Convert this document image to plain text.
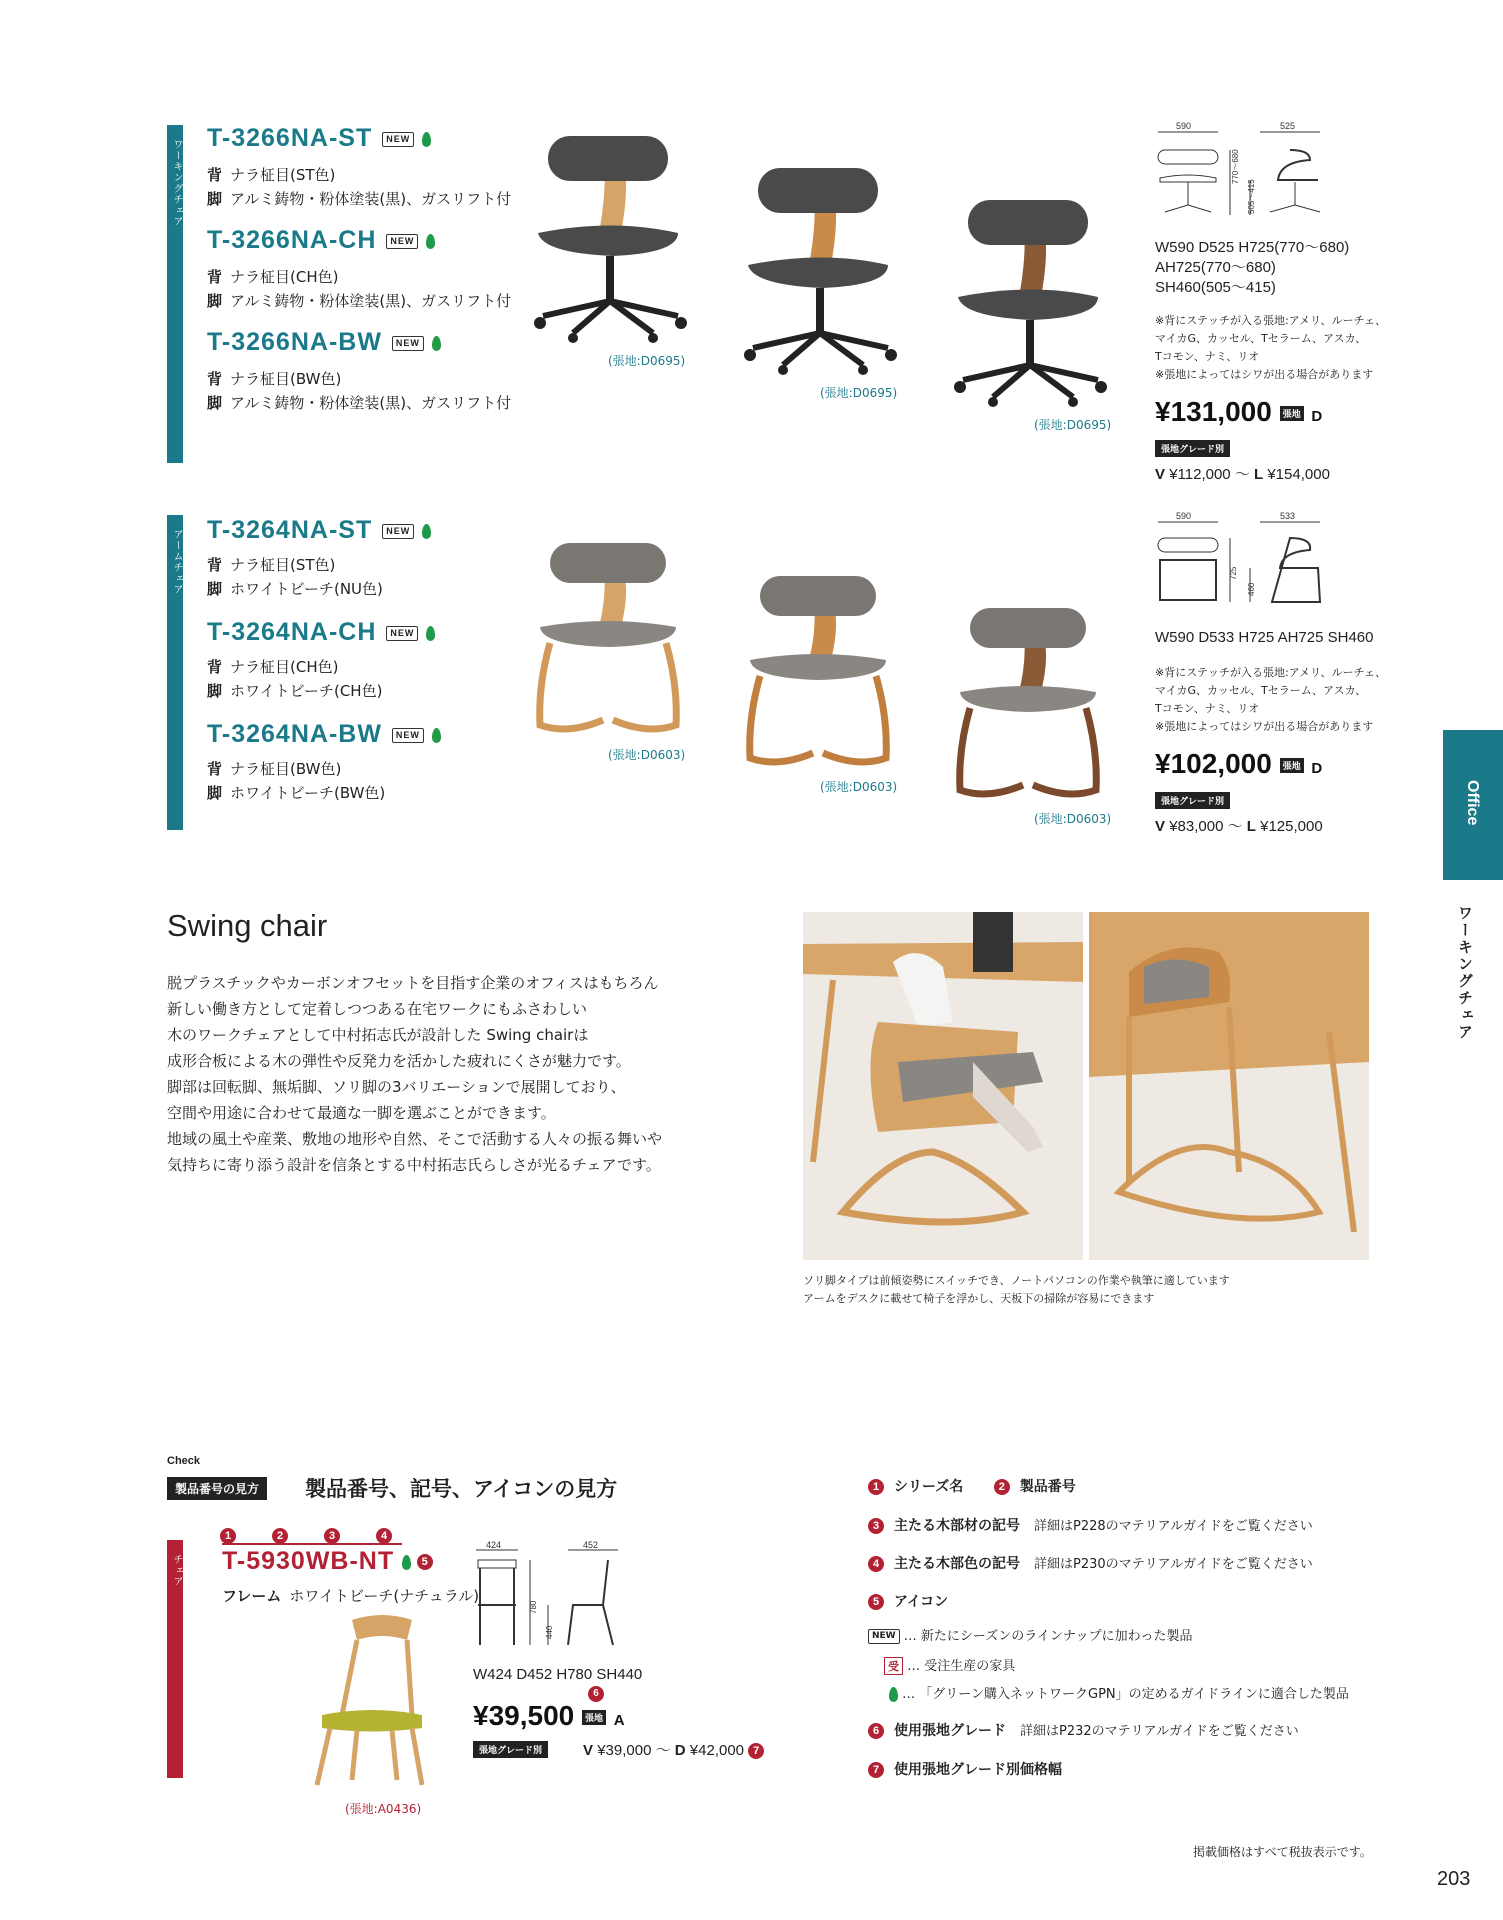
ワーキングチェア
T-3266NA-ST NEW
背 ナラ柾目(ST色)
脚 アルミ鋳物・粉体塗装(黒)、ガスリフト付
T-3266NA-CH NEW
背 ナラ柾目(CH色)
脚 アルミ鋳物・粉体塗装(黒)、ガスリフト付
T-3266NA-BW NEW
背 ナラ柾目(BW色)
脚 アルミ鋳物・粉体塗装(黒)、ガスリフト付
(張地:D0695)
(張地:D0695)
(張地:D0695)
590
770〜680
505〜415
525
W590 D525 H725(770〜680)
AH725(770〜680)
SH460(505〜415)
※背にステッチが入る張地:アメリ、ルーチェ、
マイカG、カッセル、Tセラーム、アスカ、
Tコモン、ナミ、リオ
※張地によってはシワが出る場合があります
¥131,000 張地 D
張地グレード別
V ¥112,000 〜 L ¥154,000
アームチェア T-3264NA-ST NEW
背 ナラ柾目(ST色)
脚 ホワイトビーチ(NU色)
T-3264NA-CH NEW
背 ナラ柾目(CH色)
脚 ホワイトビーチ(CH色)
T-3264NA-BW NEW
背 ナラ柾目(BW色)
脚 ホワイトビーチ(BW色)
(張地:D0603)
(張地:D0603)
(張地:D0603)
590
725
460
533
W590 D533 H725 AH725 SH460
※背にステッチが入る張地:アメリ、ルーチェ、
マイカG、カッセル、Tセラーム、アスカ、
Tコモン、ナミ、リオ
※張地によってはシワが出る場合があります
¥102,000 張地 D
張地グレード別
V ¥83,000 〜 L ¥125,000
Office
ワーキングチェア
Swing chair
脱プラスチックやカーボンオフセットを目指す企業のオフィスはもちろん
新しい働き方として定着しつつある在宅ワークにもふさわしい
木のワークチェアとして中村拓志氏が設計した Swing chairは
成形合板による木の弾性や反発力を活かした疲れにくさが魅力です。
脚部は回転脚、無垢脚、ソリ脚の3バリエーションで展開しており、
空間や用途に合わせて最適な一脚を選ぶことができます。
地域の風土や産業、敷地の地形や自然、そこで活動する人々の振る舞いや
気持ちに寄り添う設計を信条とする中村拓志氏らしさが光るチェアです。
ソリ脚タイプは前傾姿勢にスイッチでき、ノートパソコンの作業や執筆に適しています
アームをデスクに載せて椅子を浮かし、天板下の掃除が容易にできます
Check
製品番号の見方	製品番号、記号、アイコンの見方
チェア
1	2	3	4
T-5930WB-NT 5
フレーム ホワイトビーチ(ナチュラル)
(張地:A0436)
424
780
440
452
W424 D452 H780 SH440
¥39,500
6
張地 A
張地グレード別	V ¥39,000 〜 D ¥42,000 7
1 シリーズ名	2 製品番号
3 主たる木部材の記号 詳細はP228のマテリアルガイドをご覧ください
4 主たる木部色の記号 詳細はP230のマテリアルガイドをご覧ください
5 アイコン
NEW … 新たにシーズンのラインナップに加わった製品
受 … 受注生産の家具
… 「グリーン購入ネットワークGPN」の定めるガイドラインに適合した製品
6 使用張地グレード 詳細はP232のマテリアルガイドをご覧ください
7 使用張地グレード別価格幅
掲載価格はすべて税抜表示です。
203
